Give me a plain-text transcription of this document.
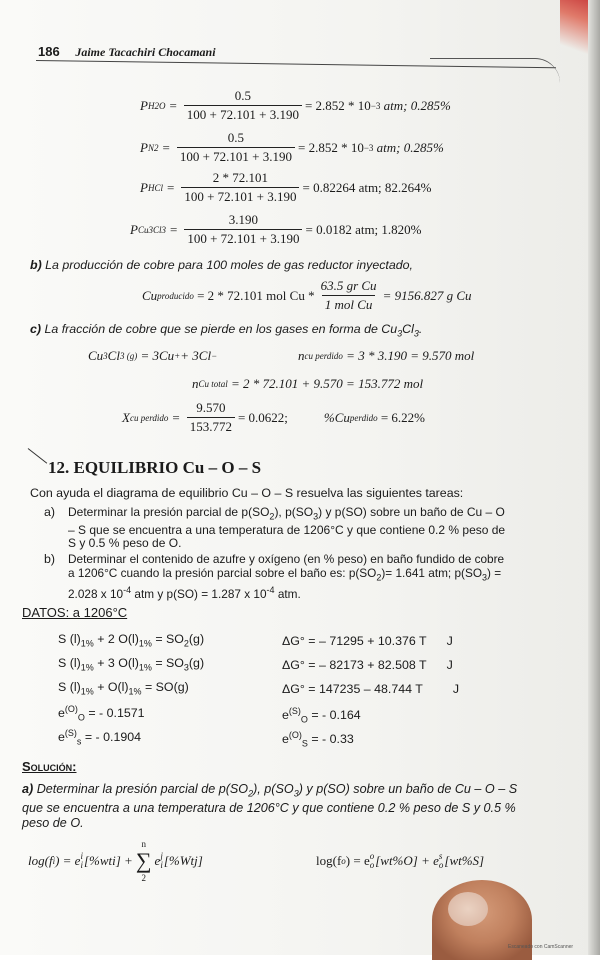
186 Jaime Tacachiri Chocamani
P $H2O = \frac{0.5}{100 + 72.101 + 3.190} = 2.852 * 10 -3$
atm; 0.285%
P $N2 = \frac{0.5}{100 + 72.101 + 3.190} = 2.852 * 10 -3$
atm; 0.285%
P HCl = $\frac{2 * 72.101}{100 + 72.101 + 3.190} = 0.82264$ atm; 82.264%
P $Cu3Cl3 = \frac{3.190}{100 + 72.101 + 3.190} = 0.0182$ atm; 1.820%
b) La producción de cobre para 100 moles de gas reductor inyectado,
Cu producido
= 2 * 72.101 mol $Cu * \frac{\text{63.5 gr Cu}}{\text{1 mol Cu}} = 9156.827$ g Cu
c) La fracción de cobre que se pierde en los gases en forma de $Cu_3Cl_3$.
Cu 3 Cl 3 (g)
= 3Cu + + 3Cl −	n cu perdido
= 3 * 3.190 = 9.570 mol
n Cu total
= 2 * 72.101 + 9.570 = 153.772 mol
X cu perdido = $\frac{9.570}{153.772} = 0.0622$;	%Cu perdido
= 6.22%
12. EQUILIBRIO Cu – O – S
Con ayuda el diagrama de equilibrio Cu – O – S resuelva las siguientes tareas:
a)	Determinar la presión parcial de $p(SO_2)$, $p(SO_3)$ y p(SO) sobre un baño de Cu – O
– S que se encuentra a una temperatura de 1206°C y que contiene 0.2 % peso de
S y 0.5 % peso de O.
b)	Determinar el contenido de azufre y oxígeno (en % peso) en baño fundido de cobre
a 1206°C cuando la presión parcial sobre el baño es: $p(SO_2)= 1.641$ atm; $p(SO_3)$ =
2.028 x $10^{-4}$ atm y p(SO) = 1.287 x $10^{-4}$ atm.
DATOS: a 1206°C
S $(l)_{1\%} + 2$ $O(l)_{1\%} = SO_2(g)$	ΔG° = – 71295 + 10.376 T J
S $(l)_{1\%} + 3$ $O(l)_{1\%} = SO_3(g)$	ΔG° = – 82173 + 82.508 T J
S $(l)_{1\%} + O(l)_{1\%} = SO(g)$	ΔG° = 147235 – 48.744 T J
$e^{(O)}_O$ = - 0.1571	$e^{(S)}_O$ = - 0.164
$e^{(S)}_s$ = - 0.1904	$e^{(O)}_S$ = - 0.33
Solución:
a) Determinar la presión parcial de $p(SO_2)$, $p(SO_3)$ y p(SO) sobre un baño de Cu – O – S
que se encuentra a una temperatura de 1206°C y que contiene 0.2 % peso de S y 0.5 %
peso de O.
log(f i ) = e i
i [%wti] +
n
∑
2
e j
i [%Wtj]	log(f o ) = e o
o [wt%O] + e s
o [wt%S]
Escaneado con CamScanner
